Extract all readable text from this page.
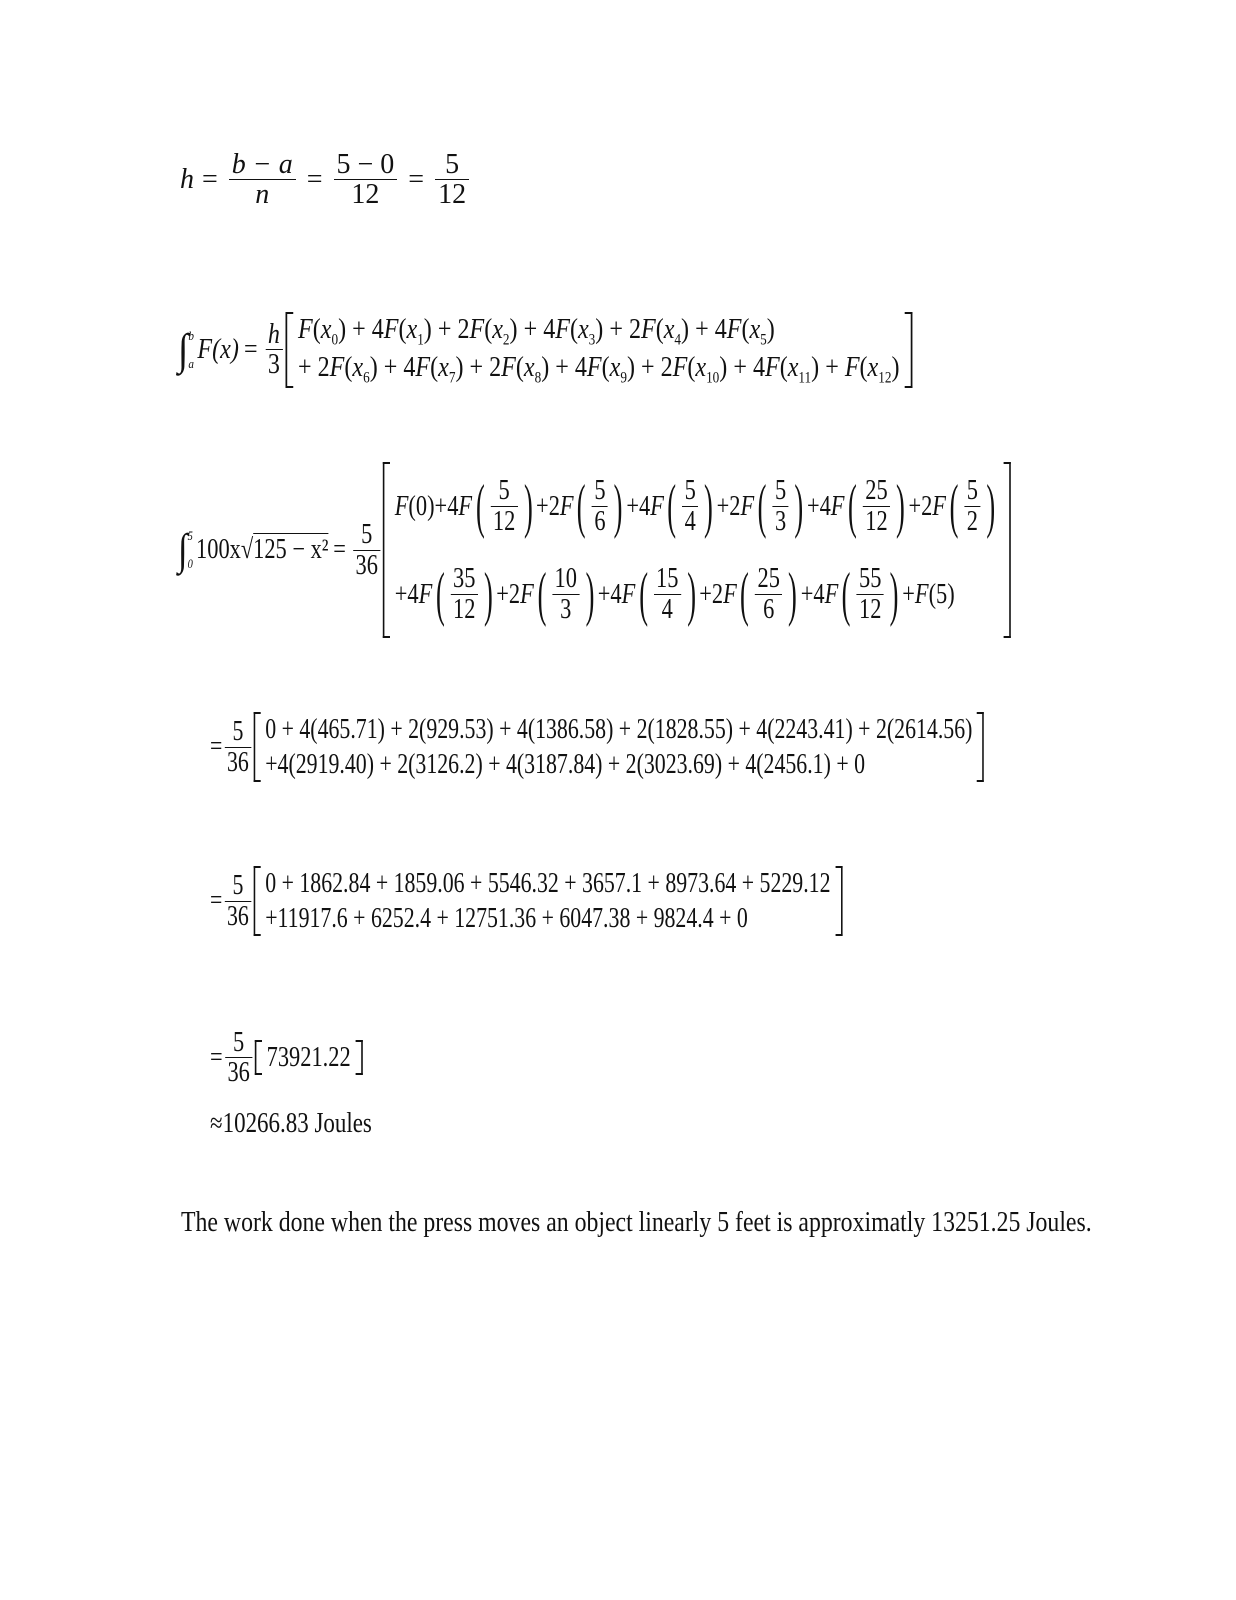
$h = \frac{b - a}{n} = \frac{5 - 0}{12} = \frac{5}{12}$
∫ b
a $F(x) = \frac{h}{3} F(x_0) + 4F(x_1) + 2F(x_2) + 4F(x_3) + 2F(x_4) + 4F(x_5)$
+ $2F(x_6) + 4F(x_7) + 2F(x_8) + 4F(x_9) + 2F(x_{10}) + 4F(x_{11}) + F(x_{12})$
∫ 5
0 $100x√125 - x^2 = \frac{5}{36}$
F (0) + 4 F ( $\frac{5}{12}$ ) + 2 F ( $\frac{5}{6}$ ) + 4 F ( $\frac{5}{4}$ ) + 2 F ( $\frac{5}{3}$ ) + 4 F ( $\frac{25}{12}$ ) + 2 F ( $\frac{5}{2}$ )
+ 4 F ( $\frac{35}{12}$ ) + 2 F ( $\frac{10}{3}$ ) + 4 F ( $\frac{15}{4}$ ) + 2 F ( $\frac{25}{6}$ ) + 4 F ( $\frac{55}{12}$ ) + F (5)
= $\frac{5}{36} 0 + 4(465.71) + 2(929.53) + 4(1386.58) + 2(1828.55) + 4(2243.41) + 2(2614.56)$
+4(2919.40) + 2(3126.2) + 4(3187.84) + 2(3023.69) + 4(2456.1) + 0
= $\frac{5}{36} 0 + 1862.84 + 1859.06 + 5546.32 + 3657.1 + 8973.64 + 5229.12$
+11917.6 + 6252.4 + 12751.36 + 6047.38 + 9824.4 + 0
= $\frac{5}{36} 73921.22$
≈ 10266.83 Joules
The work done when the press moves an object linearly 5 feet is approximatly 13251.25 Joules.
